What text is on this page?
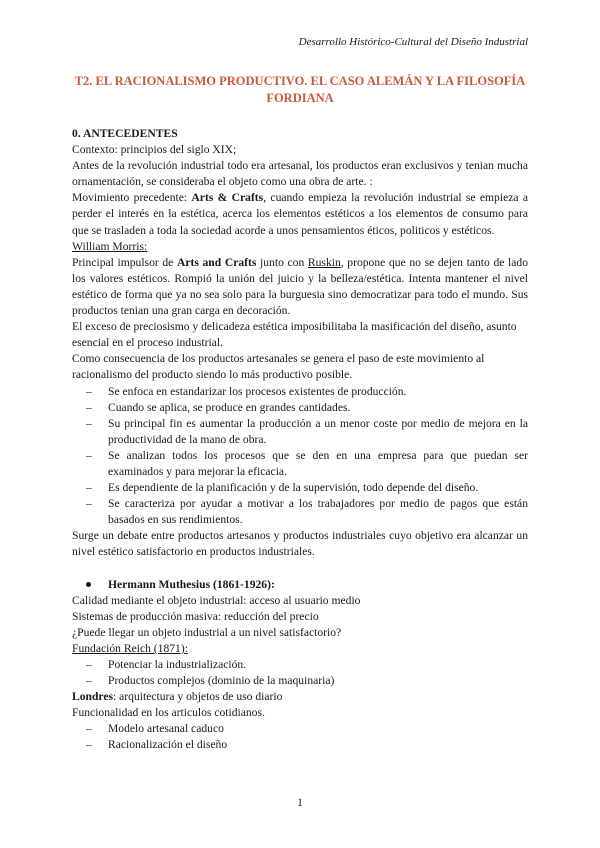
Desarrollo Histórico-Cultural del Diseño Industrial
T2. EL RACIONALISMO PRODUCTIVO. EL CASO ALEMÁN Y LA FILOSOFÍA FORDIANA

0. ANTECEDENTES

Contexto: principios del siglo XIX;

Antes de la revolución industrial todo era artesanal, los productos eran exclusivos y tenian mucha ornamentación, se consideraba el objeto como una obra de arte. :

Movimiento precedente: Arts & Crafts, cuando empieza la revolución industrial se empieza a perder el interés en la estética, acerca los elementos estéticos a los elementos de consumo para que se trasladen a toda la sociedad acorde a unos pensamientos éticos, politicos y estéticos.

William Morris:

Principal impulsor de Arts and Crafts junto con Ruskin, propone que no se dejen tanto de lado los valores estéticos. Rompió la unión del juicio y la belleza/estética. Intenta mantener el nivel estético de forma que ya no sea solo para la burguesia sino democratizar para todo el mundo. Sus productos tenian una gran carga en decoración.

El exceso de preciosismo y delicadeza estética imposibilitaba la masificación del diseño, asunto esencial en el proceso industrial.

Como consecuencia de los productos artesanales se genera el paso de este movimiento al racionalismo del producto siendo lo más productivo posible.

– Se enfoca en estandarizar los procesos existentes de producción.
– Cuando se aplica, se produce en grandes cantidades.
– Su principal fin es aumentar la producción a un menor coste por medio de mejora en la productividad de la mano de obra.
– Se analizan todos los procesos que se den en una empresa para que puedan ser examinados y para mejorar la eficacia.
– Es dependiente de la planificación y de la supervisión, todo depende del diseño.
– Se caracteriza por ayudar a motivar a los trabajadores por medio de pagos que están basados en sus rendimientos.

Surge un debate entre productos artesanos y productos industriales cuyo objetivo era alcanzar un nivel estético satisfactorio en productos industriales.

Hermann Muthesius (1861-1926):

Calidad mediante el objeto industrial: acceso al usuario medio

Sistemas de producción masiva: reducción del precio

¿Puede llegar un objeto industrial a un nivel satisfactorio?

Fundación Reich (1871):

– Potenciar la industrialización.
– Productos complejos (dominio de la maquinaria)

Londres: arquitectura y objetos de uso diario

Funcionalidad en los articulos cotidianos.

– Modelo artesanal caduco
– Racionalización el diseño
1
